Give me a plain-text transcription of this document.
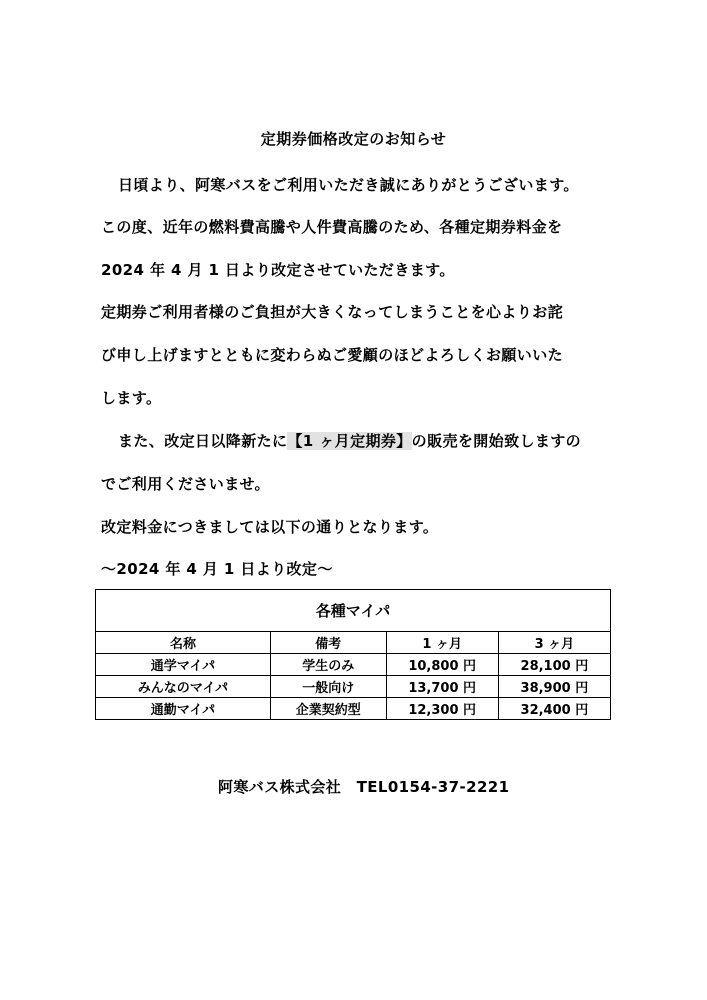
定期券価格改定のお知らせ
日頃より、阿寒バスをご利用いただき誠にありがとうございます。
この度、近年の燃料費高騰や人件費高騰のため、各種定期券料金を
2024 年 4 月 1 日より改定させていただきます。
定期券ご利用者様のご負担が大きくなってしまうことを心よりお詫
び申し上げますとともに変わらぬご愛顧のほどよろしくお願いいた
します。
また、改定日以降新たに【1 ヶ月定期券】の販売を開始致しますの
でご利用くださいませ。
改定料金につきましては以下の通りとなります。
～2024 年 4 月 1 日より改定～
各種マイパ			
名称	備考	1 ヶ月	3 ヶ月
通学マイパ	学生のみ	10,800 円	28,100 円
みんなのマイパ	一般向け	13,700 円	38,900 円
通勤マイパ	企業契約型	12,300 円	32,400 円
阿寒バス株式会社　TEL0154-37-2221
